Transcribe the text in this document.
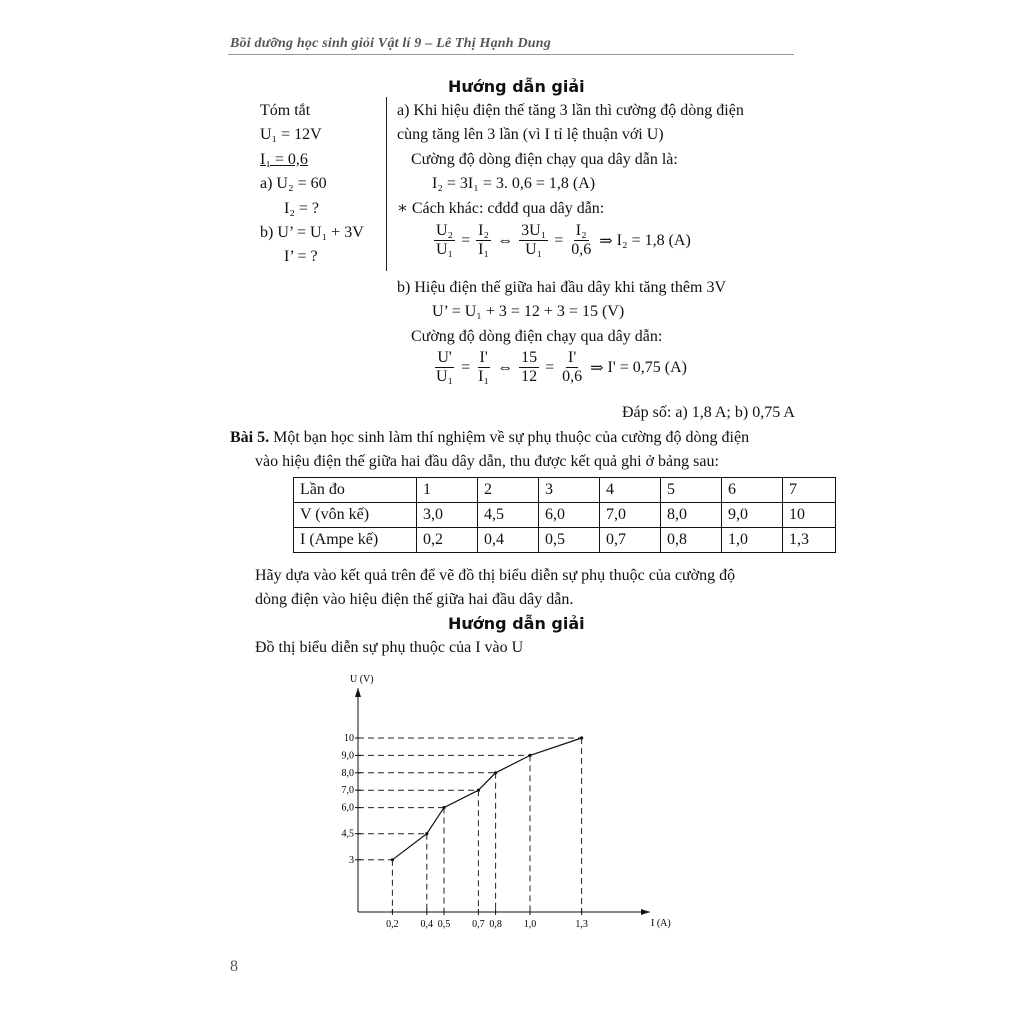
Bồi dưỡng học sinh giỏi Vật lí 9 – Lê Thị Hạnh Dung
Hướng dẫn giải
Tóm tắt
U₁ = 12V
I₁ = 0,6
a) U₂ = 60
I₂ = ?
b) U’ = U₁ + 3V
I’ = ?
a) Khi hiệu điện thế tăng 3 lần thì cường độ dòng điện
cùng tăng lên 3 lần (vì I tỉ lệ thuận với U)
Cường độ dòng điện chạy qua dây dẫn là:
I₂ = 3I₁ = 3. 0,6 = 1,8 (A)
∗ Cách khác: cđdđ qua dây dẫn:
$\frac{\text{U₂}}{\text{U₁}} = \frac{\text{I₂}}{\text{I₁}}$ ⇔ $\frac{\text{3U₁}}{\text{U₁}} = \frac{\text{I₂}}{0,6}$ ⇒ I₂ = 1,8 (A)
b) Hiệu điện thế giữa hai đầu dây khi tăng thêm 3V
U’ = U₁ + 3 = 12 + 3 = 15 (V)
Cường độ dòng điện chạy qua dây dẫn:
$\frac{U'}{\text{U₁}} = \frac{I'}{\text{I₁}}$ ⇔ $\frac{15}{12} = \frac{I'}{0,6}$ ⇒ I' = 0,75 (A)
Đáp số: a) 1,8 A; b) 0,75 A
Bài 5. Một bạn học sinh làm thí nghiệm về sự phụ thuộc của cường độ dòng điện
vào hiệu điện thế giữa hai đầu dây dẫn, thu được kết quả ghi ở bảng sau:
Lần đo	1	2	3	4	5	6	7
V (vôn kế)	3,0	4,5	6,0	7,0	8,0	9,0	10
I (Ampe kế)	0,2	0,4	0,5	0,7	0,8	1,0	1,3
Hãy dựa vào kết quả trên để vẽ đồ thị biểu diễn sự phụ thuộc của cường độ
dòng điện vào hiệu điện thế giữa hai đầu dây dẫn.
Hướng dẫn giải
Đồ thị biểu diễn sự phụ thuộc của I vào U
I (A)
U (V)
0,2
3
0,4
4,5
0,5
6,0
0,7
7,0
0,8
8,0
1,0
9,0
1,3
10
8
